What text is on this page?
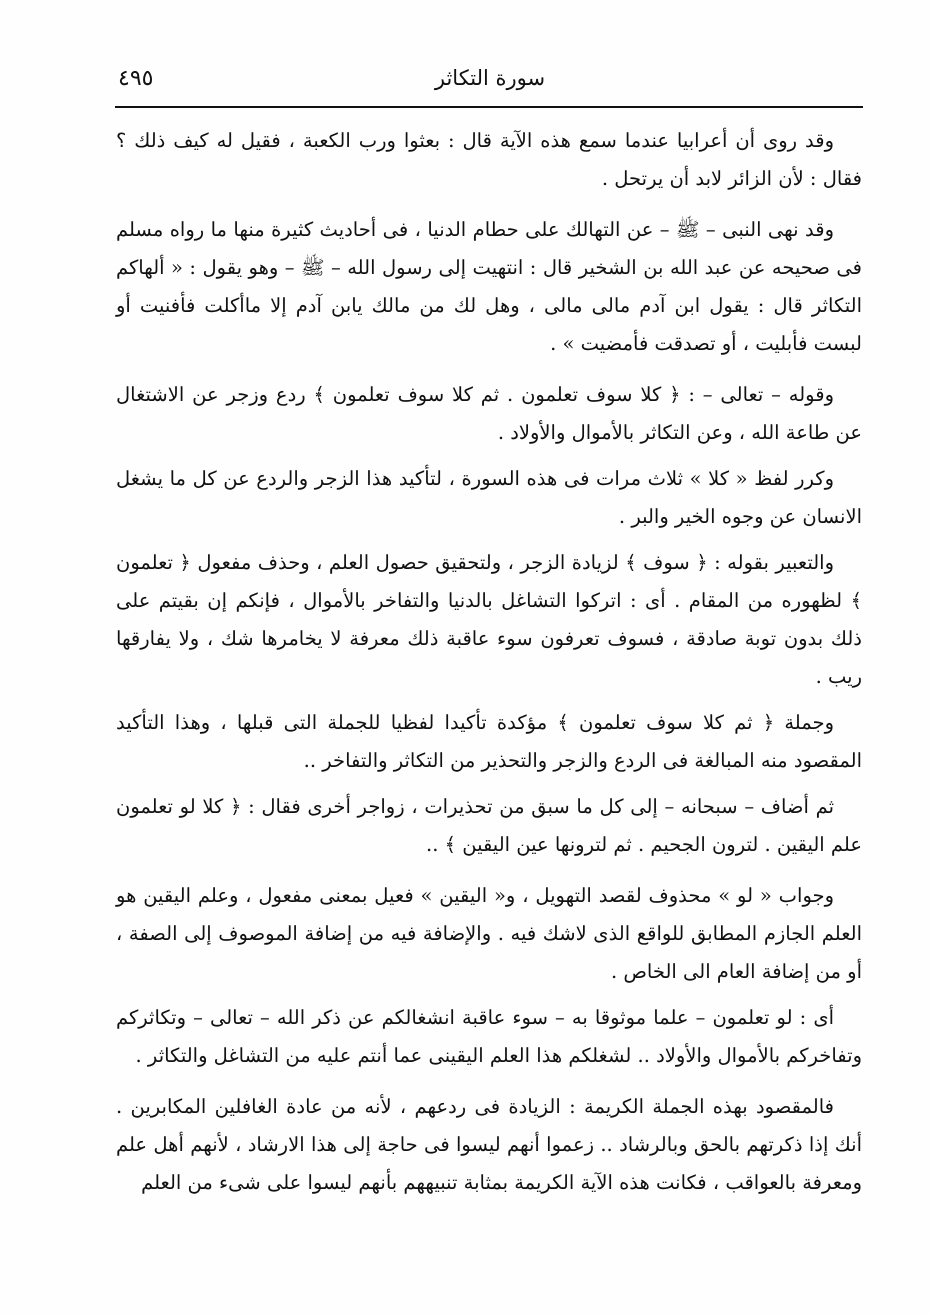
سورة التكاثر
٤٩٥

وقد روى أن أعرابيا عندما سمع هذه الآية قال : بعثوا ورب الكعبة ، فقيل له كيف ذلك ؟ فقال : لأن الزائر لابد أن يرتحل .

وقد نهى النبى – ﷺ – عن التهالك على حطام الدنيا ، فى أحاديث كثيرة منها ما رواه مسلم فى صحيحه عن عبد الله بن الشخير قال : انتهيت إلى رسول الله – ﷺ – وهو يقول : « ألهاكم التكاثر قال : يقول ابن آدم مالى مالى ، وهل لك من مالك يابن آدم إلا ماأكلت فأفنيت أو لبست فأبليت ، أو تصدقت فأمضيت » .

وقوله – تعالى – : ﴿ كلا سوف تعلمون . ثم كلا سوف تعلمون ﴾ ردع وزجر عن الاشتغال عن طاعة الله ، وعن التكاثر بالأموال والأولاد .

وكرر لفظ « كلا » ثلاث مرات فى هذه السورة ، لتأكيد هذا الزجر والردع عن كل ما يشغل الانسان عن وجوه الخير والبر .

والتعبير بقوله : ﴿ سوف ﴾ لزيادة الزجر ، ولتحقيق حصول العلم ، وحذف مفعول ﴿ تعلمون ﴾ لظهوره من المقام . أى : اتركوا التشاغل بالدنيا والتفاخر بالأموال ، فإنكم إن بقيتم على ذلك بدون توبة صادقة ، فسوف تعرفون سوء عاقبة ذلك معرفة لا يخامرها شك ، ولا يفارقها ريب .

وجملة ﴿ ثم كلا سوف تعلمون ﴾ مؤكدة تأكيدا لفظيا للجملة التى قبلها ، وهذا التأكيد المقصود منه المبالغة فى الردع والزجر والتحذير من التكاثر والتفاخر ..

ثم أضاف – سبحانه – إلى كل ما سبق من تحذيرات ، زواجر أخرى فقال : ﴿ كلا لو تعلمون علم اليقين . لترون الجحيم . ثم لترونها عين اليقين ﴾ ..

وجواب « لو » محذوف لقصد التهويل ، و« اليقين » فعيل بمعنى مفعول ، وعلم اليقين هو العلم الجازم المطابق للواقع الذى لاشك فيه . والإضافة فيه من إضافة الموصوف إلى الصفة ، أو من إضافة العام الى الخاص .

أى : لو تعلمون – علما موثوقا به – سوء عاقبة انشغالكم عن ذكر الله – تعالى – وتكاثركم وتفاخركم بالأموال والأولاد .. لشغلكم هذا العلم اليقينى عما أنتم عليه من التشاغل والتكاثر .

فالمقصود بهذه الجملة الكريمة : الزيادة فى ردعهم ، لأنه من عادة الغافلين المكابرين . أنك إذا ذكرتهم بالحق وبالرشاد .. زعموا أنهم ليسوا فى حاجة إلى هذا الارشاد ، لأنهم أهل علم ومعرفة بالعواقب ، فكانت هذه الآية الكريمة بمثابة تنبيههم بأنهم ليسوا على شىء من العلم
